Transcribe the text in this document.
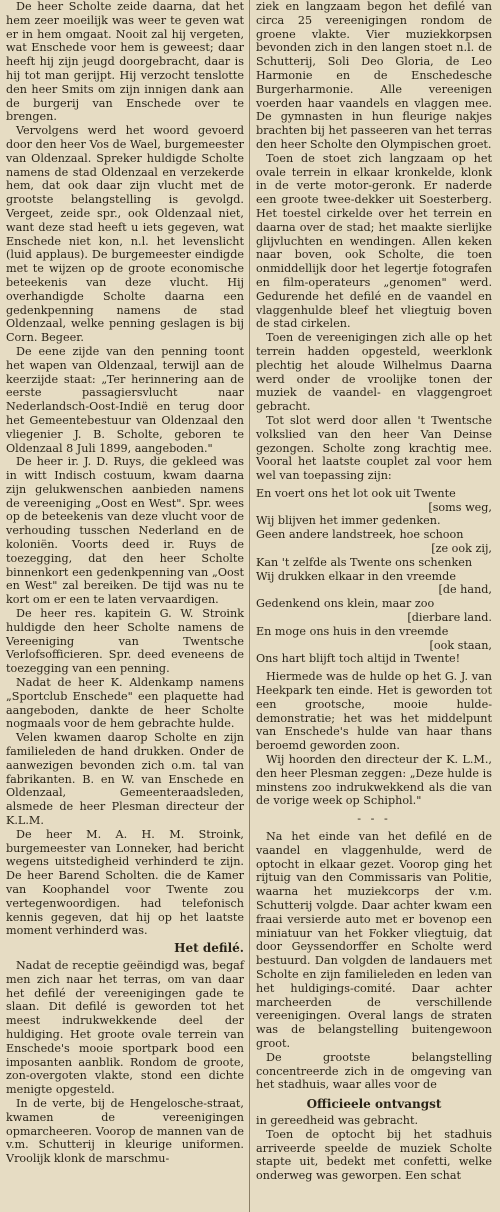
De heer Scholte zeide daarna, dat het hem zeer moeilijk was weer te geven wat er in hem omgaat. Nooit zal hij vergeten, wat Enschede voor hem is geweest; daar heeft hij zijn jeugd doorgebracht, daar is hij tot man gerijpt. Hij verzocht tenslotte den heer Smits om zijn innigen dank aan de burgerij van Enschede over te brengen.

Vervolgens werd het woord gevoerd door den heer Vos de Wael, burgemeester van Oldenzaal. Spreker huldigde Scholte namens de stad Oldenzaal en verzekerde hem, dat ook daar zijn vlucht met de grootste belangstelling is gevolgd. Vergeet, zeide spr., ook Oldenzaal niet, want deze stad heeft u iets gegeven, wat Enschede niet kon, n.l. het levenslicht (luid applaus). De burgemeester eindigde met te wijzen op de groote economische beteekenis van deze vlucht. Hij overhandigde Scholte daarna een gedenkpenning namens de stad Oldenzaal, welke penning geslagen is bij Corn. Begeer.

De eene zijde van den penning toont het wapen van Oldenzaal, terwijl aan de keerzijde staat: „Ter herinnering aan de eerste passagiersvlucht naar Nederlandsch-Oost-Indië en terug door het Gemeentebestuur van Oldenzaal den vliegenier J. B. Scholte, geboren te Oldenzaal 8 Juli 1899, aangeboden."

De heer ir. J. D. Ruys, die gekleed was in witt Indisch costuum, kwam daarna zijn gelukwenschen aanbieden namens de vereeniging „Oost en West". Spr. wees op de beteekenis van deze vlucht voor de verhouding tusschen Nederland en de koloniën. Voorts deed ir. Ruys de toezegging, dat den heer Scholte binnenkort een gedenkpenning van „Oost en West" zal bereiken. De tijd was nu te kort om er een te laten vervaardigen.

De heer res. kapitein G. W. Stroink huldigde den heer Scholte namens de Vereeniging van Twentsche Verlofsofficieren. Spr. deed eveneens de toezegging van een penning.

Nadat de heer K. Aldenkamp namens „Sportclub Enschede" een plaquette had aangeboden, dankte de heer Scholte nogmaals voor de hem gebrachte hulde.

Velen kwamen daarop Scholte en zijn familieleden de hand drukken. Onder de aanwezigen bevonden zich o.m. tal van fabrikanten. B. en W. van Enschede en Oldenzaal, Gemeenteraadsleden, alsmede de heer Plesman directeur der K.L.M.

De heer M. A. H. M. Stroink, burgemeester van Lonneker, had bericht wegens uitstedigheid verhinderd te zijn. De heer Barend Scholten. die de Kamer van Koophandel voor Twente zou vertegenwoordigen. had telefonisch kennis gegeven, dat hij op het laatste moment verhinderd was.

Het defilé.

Nadat de receptie geëindigd was, begaf men zich naar het terras, om van daar het defilé der vereenigingen gade te slaan. Dit defilé is geworden tot het meest indrukwekkende deel der huldiging. Het groote ovale terrein van Enschede's mooie sportpark bood een imposanten aanblik. Rondom de groote, zon-overgoten vlakte, stond een dichte menigte opgesteld.

In de verte, bij de Hengelosche-straat, kwamen de vereenigingen opmarcheeren. Voorop de mannen van de v.m. Schutterij in kleurige uniformen. Vroolijk klonk de marschmu-

ziek en langzaam begon het defilé van circa 25 vereenigingen rondom de groene vlakte. Vier muziekkorpsen bevonden zich in den langen stoet n.l. de Schutterij, Soli Deo Gloria, de Leo Harmonie en de Enschedesche Burgerharmonie. Alle vereenigen voerden haar vaandels en vlaggen mee. De gymnasten in hun fleurige nakjes brachten bij het passeeren van het terras den heer Scholte den Olympischen groet.

Toen de stoet zich langzaam op het ovale terrein in elkaar kronkelde, klonk in de verte motor-geronk. Er naderde een groote twee-dekker uit Soesterberg. Het toestel cirkelde over het terrein en daarna over de stad; het maakte sierlijke glijvluchten en wendingen. Allen keken naar boven, ook Scholte, die toen onmiddellijk door het legertje fotografen en film-operateurs „genomen" werd. Gedurende het defilé en de vaandel en vlaggenhulde bleef het vliegtuig boven de stad cirkelen.

Toen de vereenigingen zich alle op het terrein hadden opgesteld, weerklonk plechtig het aloude Wilhelmus Daarna werd onder de vroolijke tonen der muziek de vaandel- en vlaggengroet gebracht.

Tot slot werd door allen 't Twentsche volkslied van den heer Van Deinse gezongen. Scholte zong krachtig mee. Vooral het laatste couplet zal voor hem wel van toepassing zijn:

En voert ons het lot ook uit Twente
[soms weg,
Wij blijven het immer gedenken.
Geen andere landstreek, hoe schoon
[ze ook zij,
Kan 't zelfde als Twente ons schenken
Wij drukken elkaar in den vreemde
[de hand,
Gedenkend ons klein, maar zoo
[dierbare land.
En moge ons huis in den vreemde
[ook staan,
Ons hart blijft toch altijd in Twente!

Hiermede was de hulde op het G. J. van Heekpark ten einde. Het is geworden tot een grootsche, mooie hulde-demonstratie; het was het middelpunt van Enschede's hulde van haar thans beroemd geworden zoon.

Wij hoorden den directeur der K. L.M., den heer Plesman zeggen: „Deze hulde is minstens zoo indrukwekkend als die van de vorige week op Schiphol."

- - -

Na het einde van het defilé en de vaandel en vlaggenhulde, werd de optocht in elkaar gezet. Voorop ging het rijtuig van den Commissaris van Politie, waarna het muziekcorps der v.m. Schutterij volgde. Daar achter kwam een fraai versierde auto met er bovenop een miniatuur van het Fokker vliegtuig, dat door Geyssendorffer en Scholte werd bestuurd. Dan volgden de landauers met Scholte en zijn familieleden en leden van het huldigings-comité. Daar achter marcheerden de verschillende vereenigingen. Overal langs de straten was de belangstelling buitengewoon groot.

De grootste belangstelling concentreerde zich in de omgeving van het stadhuis, waar alles voor de

Officieele ontvangst

in gereedheid was gebracht.

Toen de optocht bij het stadhuis arriveerde speelde de muziek Scholte stapte uit, bedekt met confetti, welke onderweg was geworpen. Een schat
